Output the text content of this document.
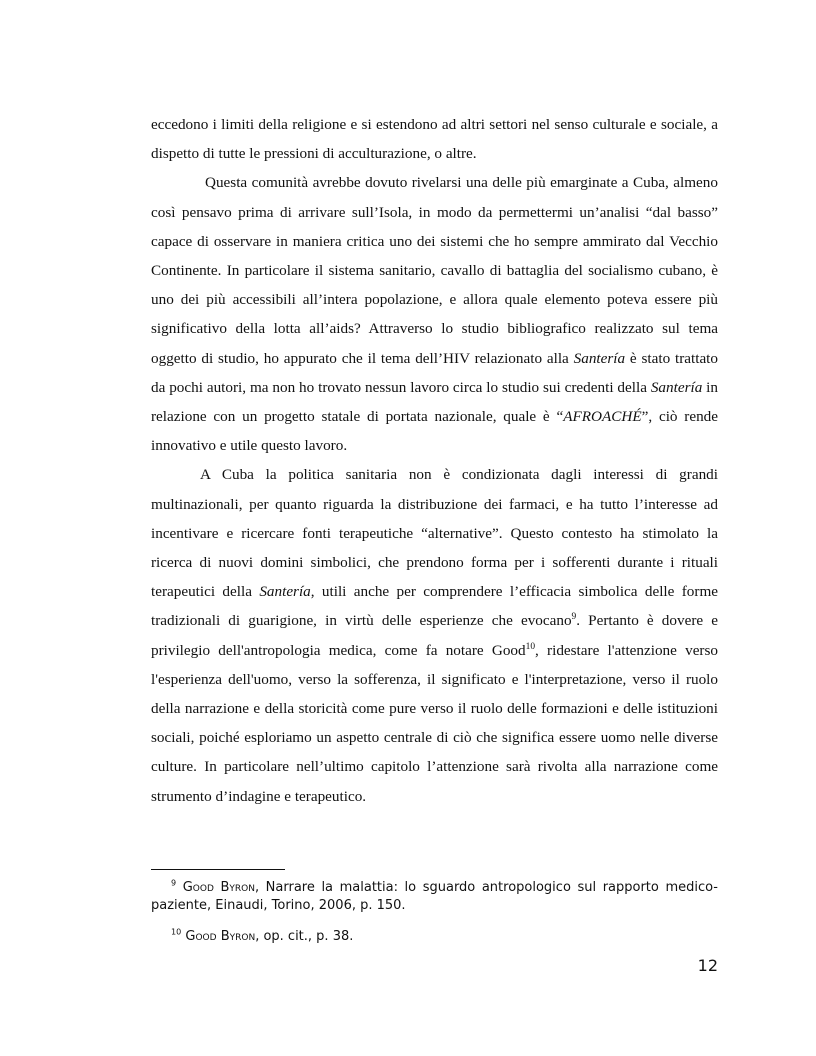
eccedono i limiti della religione e si estendono ad altri settori nel senso culturale e sociale, a dispetto di tutte le pressioni di acculturazione, o altre.

Questa comunità avrebbe dovuto rivelarsi una delle più emarginate a Cuba, almeno così pensavo prima di arrivare sull’Isola, in modo da permettermi un’analisi “dal basso” capace di osservare in maniera critica uno dei sistemi che ho sempre ammirato dal Vecchio Continente. In particolare il sistema sanitario, cavallo di battaglia del socialismo cubano, è uno dei più accessibili all’intera popolazione, e allora quale elemento poteva essere più significativo della lotta all’aids? Attraverso lo studio bibliografico realizzato sul tema oggetto di studio, ho appurato che il tema dell’HIV relazionato alla Santería è stato trattato da pochi autori, ma non ho trovato nessun lavoro circa lo studio sui credenti della Santería in relazione con un progetto statale di portata nazionale, quale è “AFROACHÉ”, ciò rende innovativo e utile questo lavoro.

A Cuba la politica sanitaria non è condizionata dagli interessi di grandi multinazionali, per quanto riguarda la distribuzione dei farmaci, e ha tutto l’interesse ad incentivare e ricercare fonti terapeutiche “alternative”. Questo contesto ha stimolato la ricerca di nuovi domini simbolici, che prendono forma per i sofferenti durante i rituali terapeutici della Santería, utili anche per comprendere l’efficacia simbolica delle forme tradizionali di guarigione, in virtù delle esperienze che evocano$^9$. Pertanto è dovere e privilegio dell'antropologia medica, come fa notare Good$^{10}$, ridestare l'attenzione verso l'esperienza dell'uomo, verso la sofferenza, il significato e l'interpretazione, verso il ruolo della narrazione e della storicità come pure verso il ruolo delle formazioni e delle istituzioni sociali, poiché esploriamo un aspetto centrale di ciò che significa essere uomo nelle diverse culture. In particolare nell’ultimo capitolo l’attenzione sarà rivolta alla narrazione come strumento d’indagine e terapeutico.

$^9$ Good Byron, Narrare la malattia: lo sguardo antropologico sul rapporto medico-paziente, Einaudi, Torino, 2006, p. 150.

$^{10}$ Good Byron, op. cit., p. 38.

12
